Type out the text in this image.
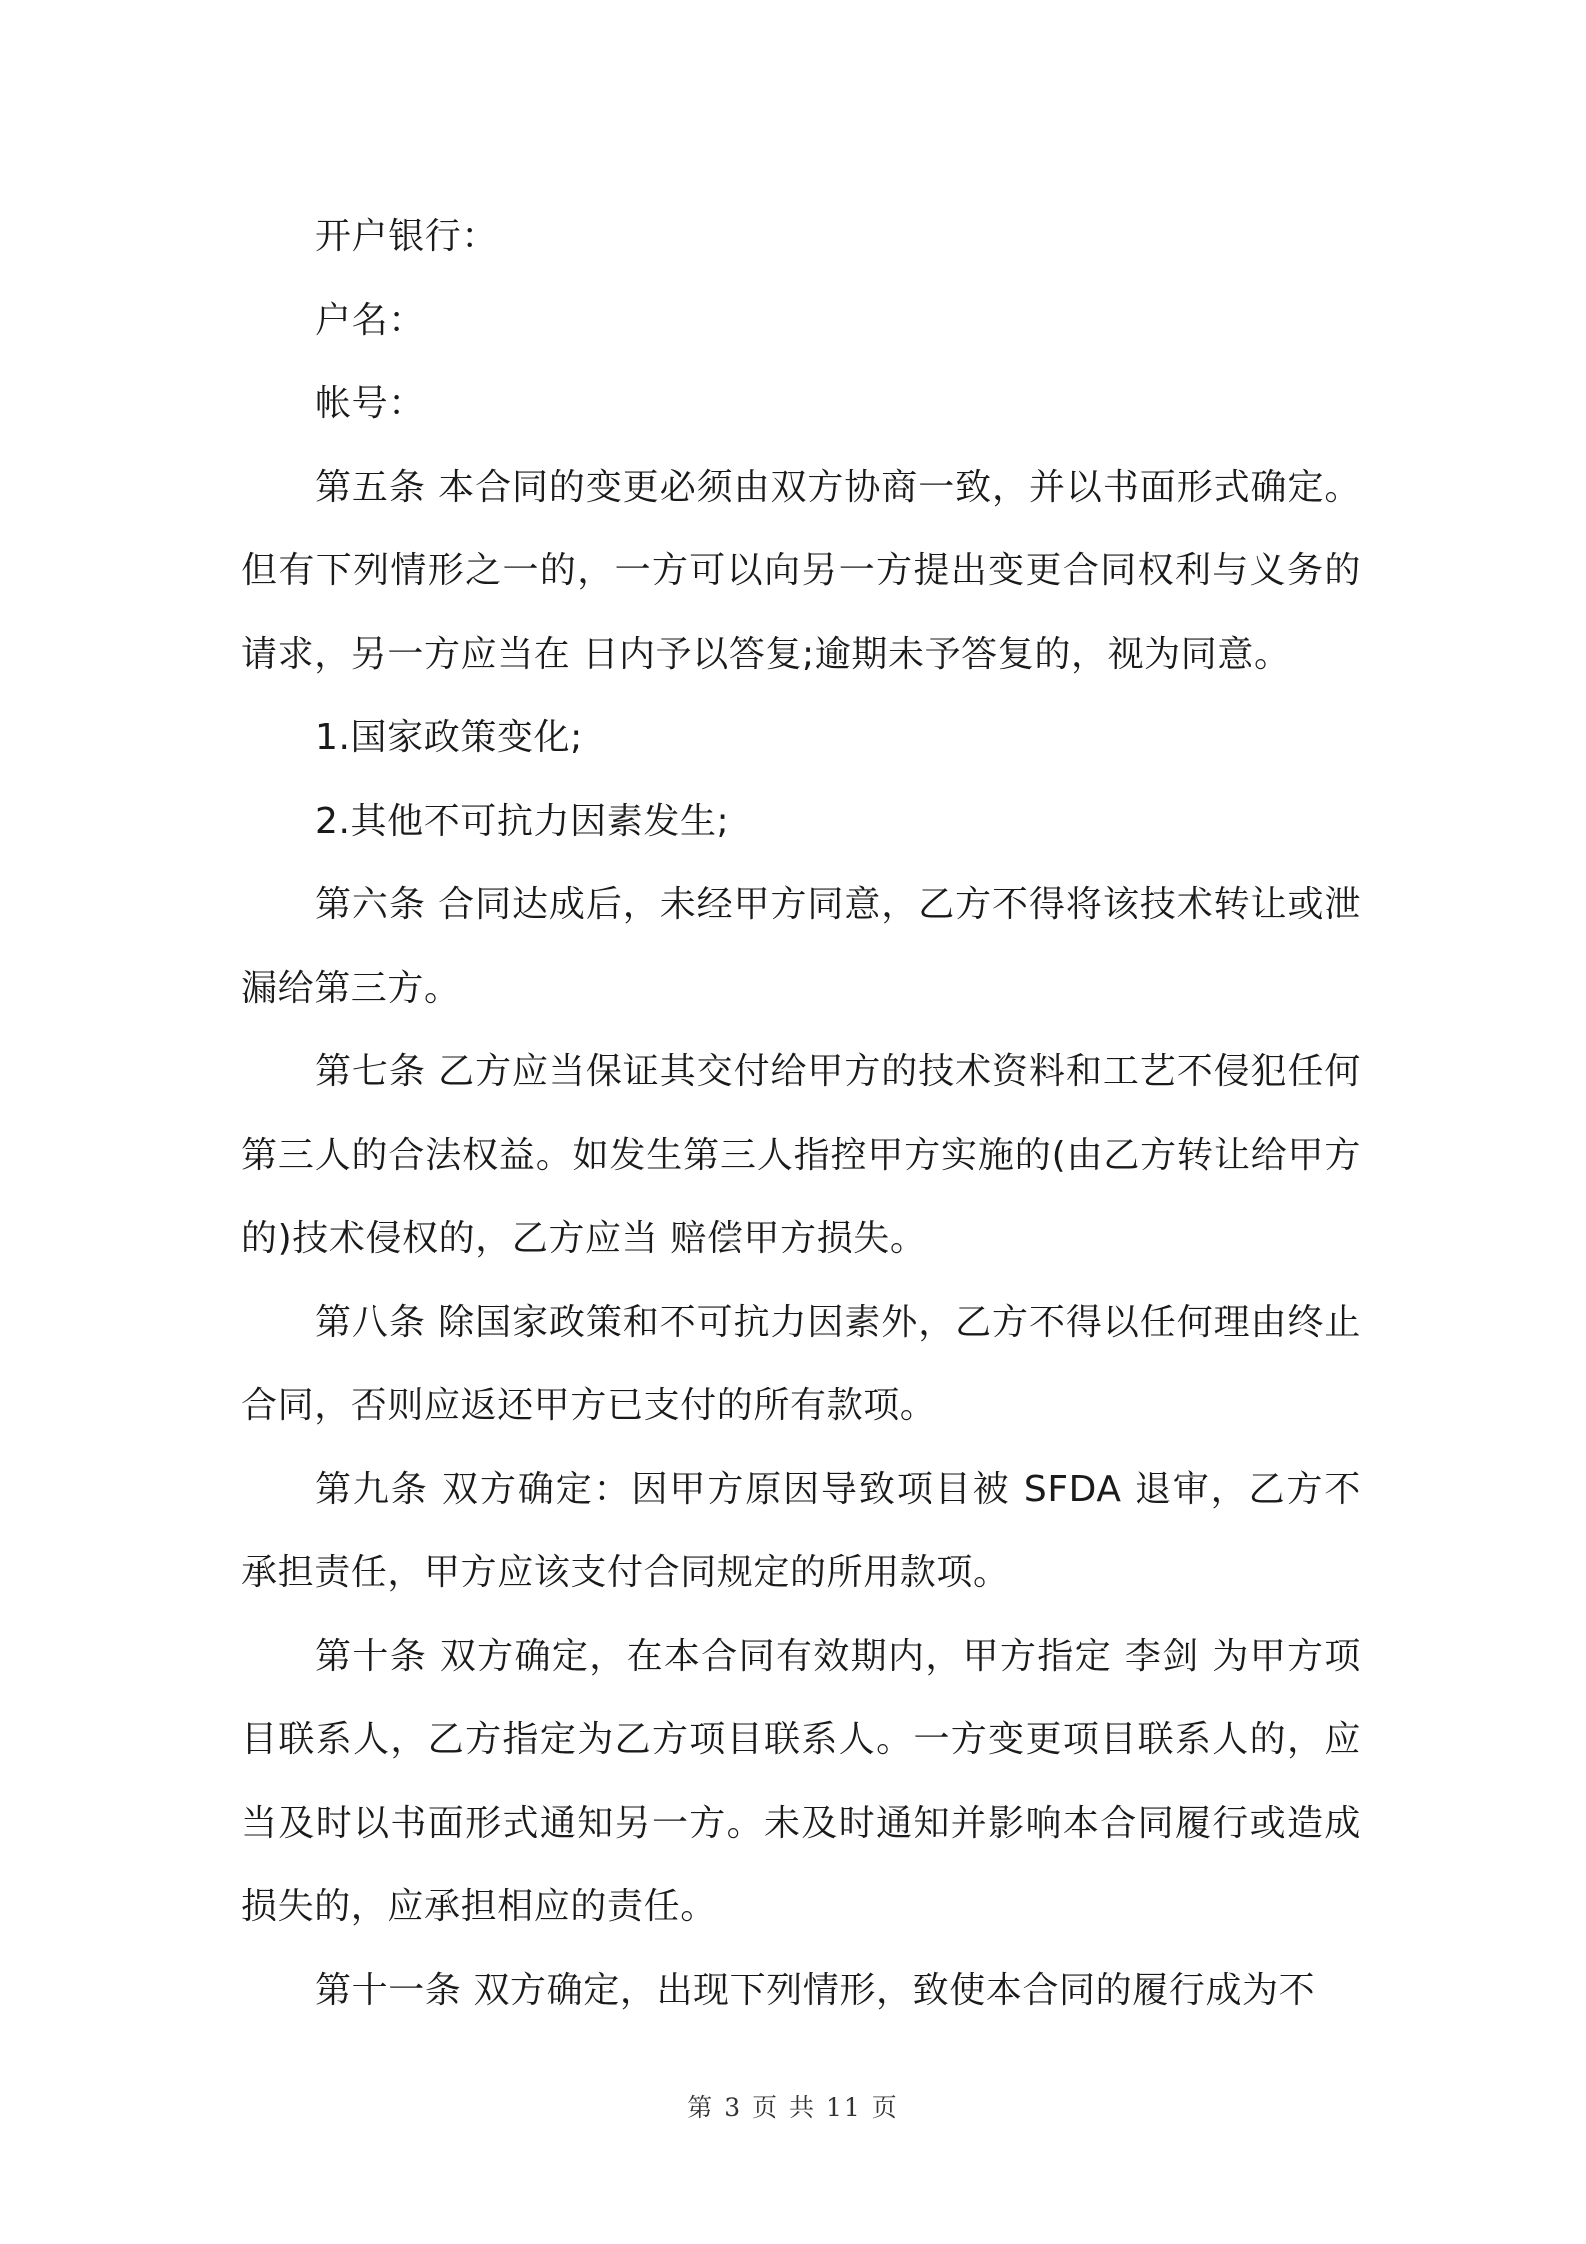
开户银行：

户名：

帐号：

第五条 本合同的变更必须由双方协商一致，并以书面形式确定。但有下列情形之一的，一方可以向另一方提出变更合同权利与义务的请求，另一方应当在 日内予以答复;逾期未予答复的，视为同意。

1.国家政策变化;

2.其他不可抗力因素发生;

第六条 合同达成后，未经甲方同意，乙方不得将该技术转让或泄漏给第三方。

第七条 乙方应当保证其交付给甲方的技术资料和工艺不侵犯任何第三人的合法权益。如发生第三人指控甲方实施的(由乙方转让给甲方的)技术侵权的，乙方应当 赔偿甲方损失。

第八条 除国家政策和不可抗力因素外，乙方不得以任何理由终止合同，否则应返还甲方已支付的所有款项。

第九条 双方确定：因甲方原因导致项目被 SFDA 退审，乙方不承担责任，甲方应该支付合同规定的所用款项。

第十条 双方确定，在本合同有效期内，甲方指定 李剑 为甲方项目联系人，乙方指定为乙方项目联系人。一方变更项目联系人的，应当及时以书面形式通知另一方。未及时通知并影响本合同履行或造成损失的，应承担相应的责任。

第十一条 双方确定，出现下列情形，致使本合同的履行成为不

第 3 页 共 11 页
